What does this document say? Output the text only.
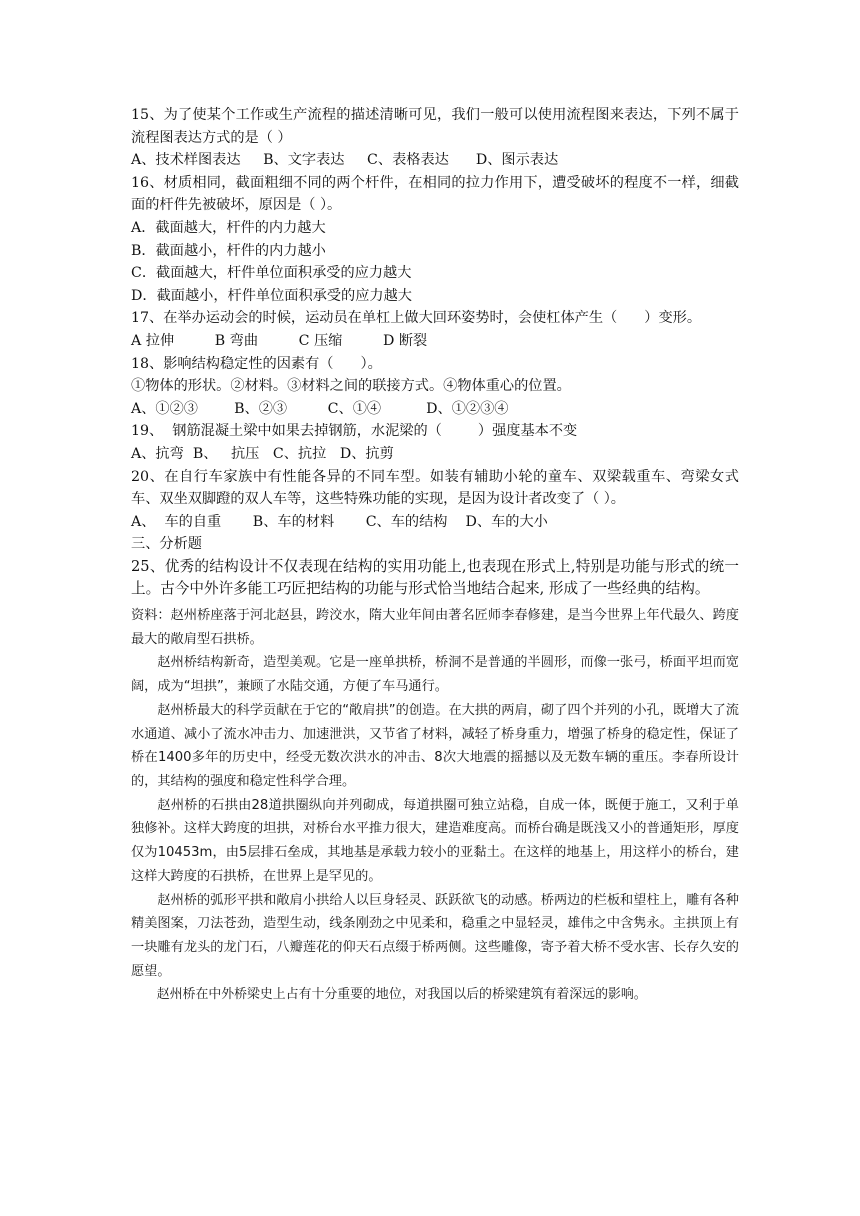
15、为了使某个工作或生产流程的描述清晰可见，我们一般可以使用流程图来表达，下列不属于流程图表达方式的是（ ）

A、技术样图表达     B、文字表达     C、表格表达      D、图示表达

16、材质相同，截面粗细不同的两个杆件，在相同的拉力作用下，遭受破坏的程度不一样，细截面的杆件先被破坏，原因是（ ）。

A．截面越大，杆件的内力越大

B．截面越小，杆件的内力越小

C．截面越大，杆件单位面积承受的应力越大

D．截面越小，杆件单位面积承受的应力越大

17、在举办运动会的时候，运动员在单杠上做大回环姿势时，会使杠体产生（      ）变形。

A 拉伸         B 弯曲         C 压缩         D 断裂

18、影响结构稳定性的因素有（      ）。

①物体的形状。②材料。③材料之间的联接方式。④物体重心的位置。

A、①②③        B、②③         C、①④          D、①②③④

19、  钢筋混凝土梁中如果去掉钢筋，水泥梁的（        ）强度基本不变

A、抗弯  B、   抗压   C、抗拉   D、抗剪

20、在自行车家族中有性能各异的不同车型。如装有辅助小轮的童车、双梁载重车、弯梁女式车、双坐双脚蹬的双人车等，这些特殊功能的实现，是因为设计者改变了（ ）。

A、  车的自重       B、车的材料       C、车的结构    D、车的大小

三、分析题

25、优秀的结构设计不仅表现在结构的实用功能上,也表现在形式上,特别是功能与形式的统一上。古今中外许多能工巧匠把结构的功能与形式恰当地结合起来, 形成了一些经典的结构。

资料：赵州桥座落于河北赵县，跨洨水，隋大业年间由著名匠师李春修建，是当今世界上年代最久、跨度最大的敞肩型石拱桥。

赵州桥结构新奇，造型美观。它是一座单拱桥，桥洞不是普通的半圆形，而像一张弓，桥面平坦而宽阔，成为“坦拱”，兼顾了水陆交通，方便了车马通行。

赵州桥最大的科学贡献在于它的“敞肩拱”的创造。在大拱的两肩，砌了四个并列的小孔，既增大了流水通道、减小了流水冲击力、加速泄洪，又节省了材料，减轻了桥身重力，增强了桥身的稳定性，保证了桥在1400多年的历史中，经受无数次洪水的冲击、8次大地震的摇撼以及无数车辆的重压。李春所设计的，其结构的强度和稳定性科学合理。

赵州桥的石拱由28道拱圈纵向并列砌成，每道拱圈可独立站稳，自成一体，既便于施工，又利于单独修补。这样大跨度的坦拱，对桥台水平推力很大，建造难度高。而桥台确是既浅又小的普通矩形，厚度仅为10453m，由5层排石垒成，其地基是承载力较小的亚黏土。在这样的地基上，用这样小的桥台，建这样大跨度的石拱桥，在世界上是罕见的。

赵州桥的弧形平拱和敞肩小拱给人以巨身轻灵、跃跃欲飞的动感。桥两边的栏板和望柱上，雕有各种精美图案，刀法苍劲，造型生动，线条刚劲之中见柔和，稳重之中显轻灵，雄伟之中含隽永。主拱顶上有一块雕有龙头的龙门石，八瓣莲花的仰天石点缀于桥两侧。这些雕像，寄予着大桥不受水害、长存久安的愿望。

赵州桥在中外桥梁史上占有十分重要的地位，对我国以后的桥梁建筑有着深远的影响。
